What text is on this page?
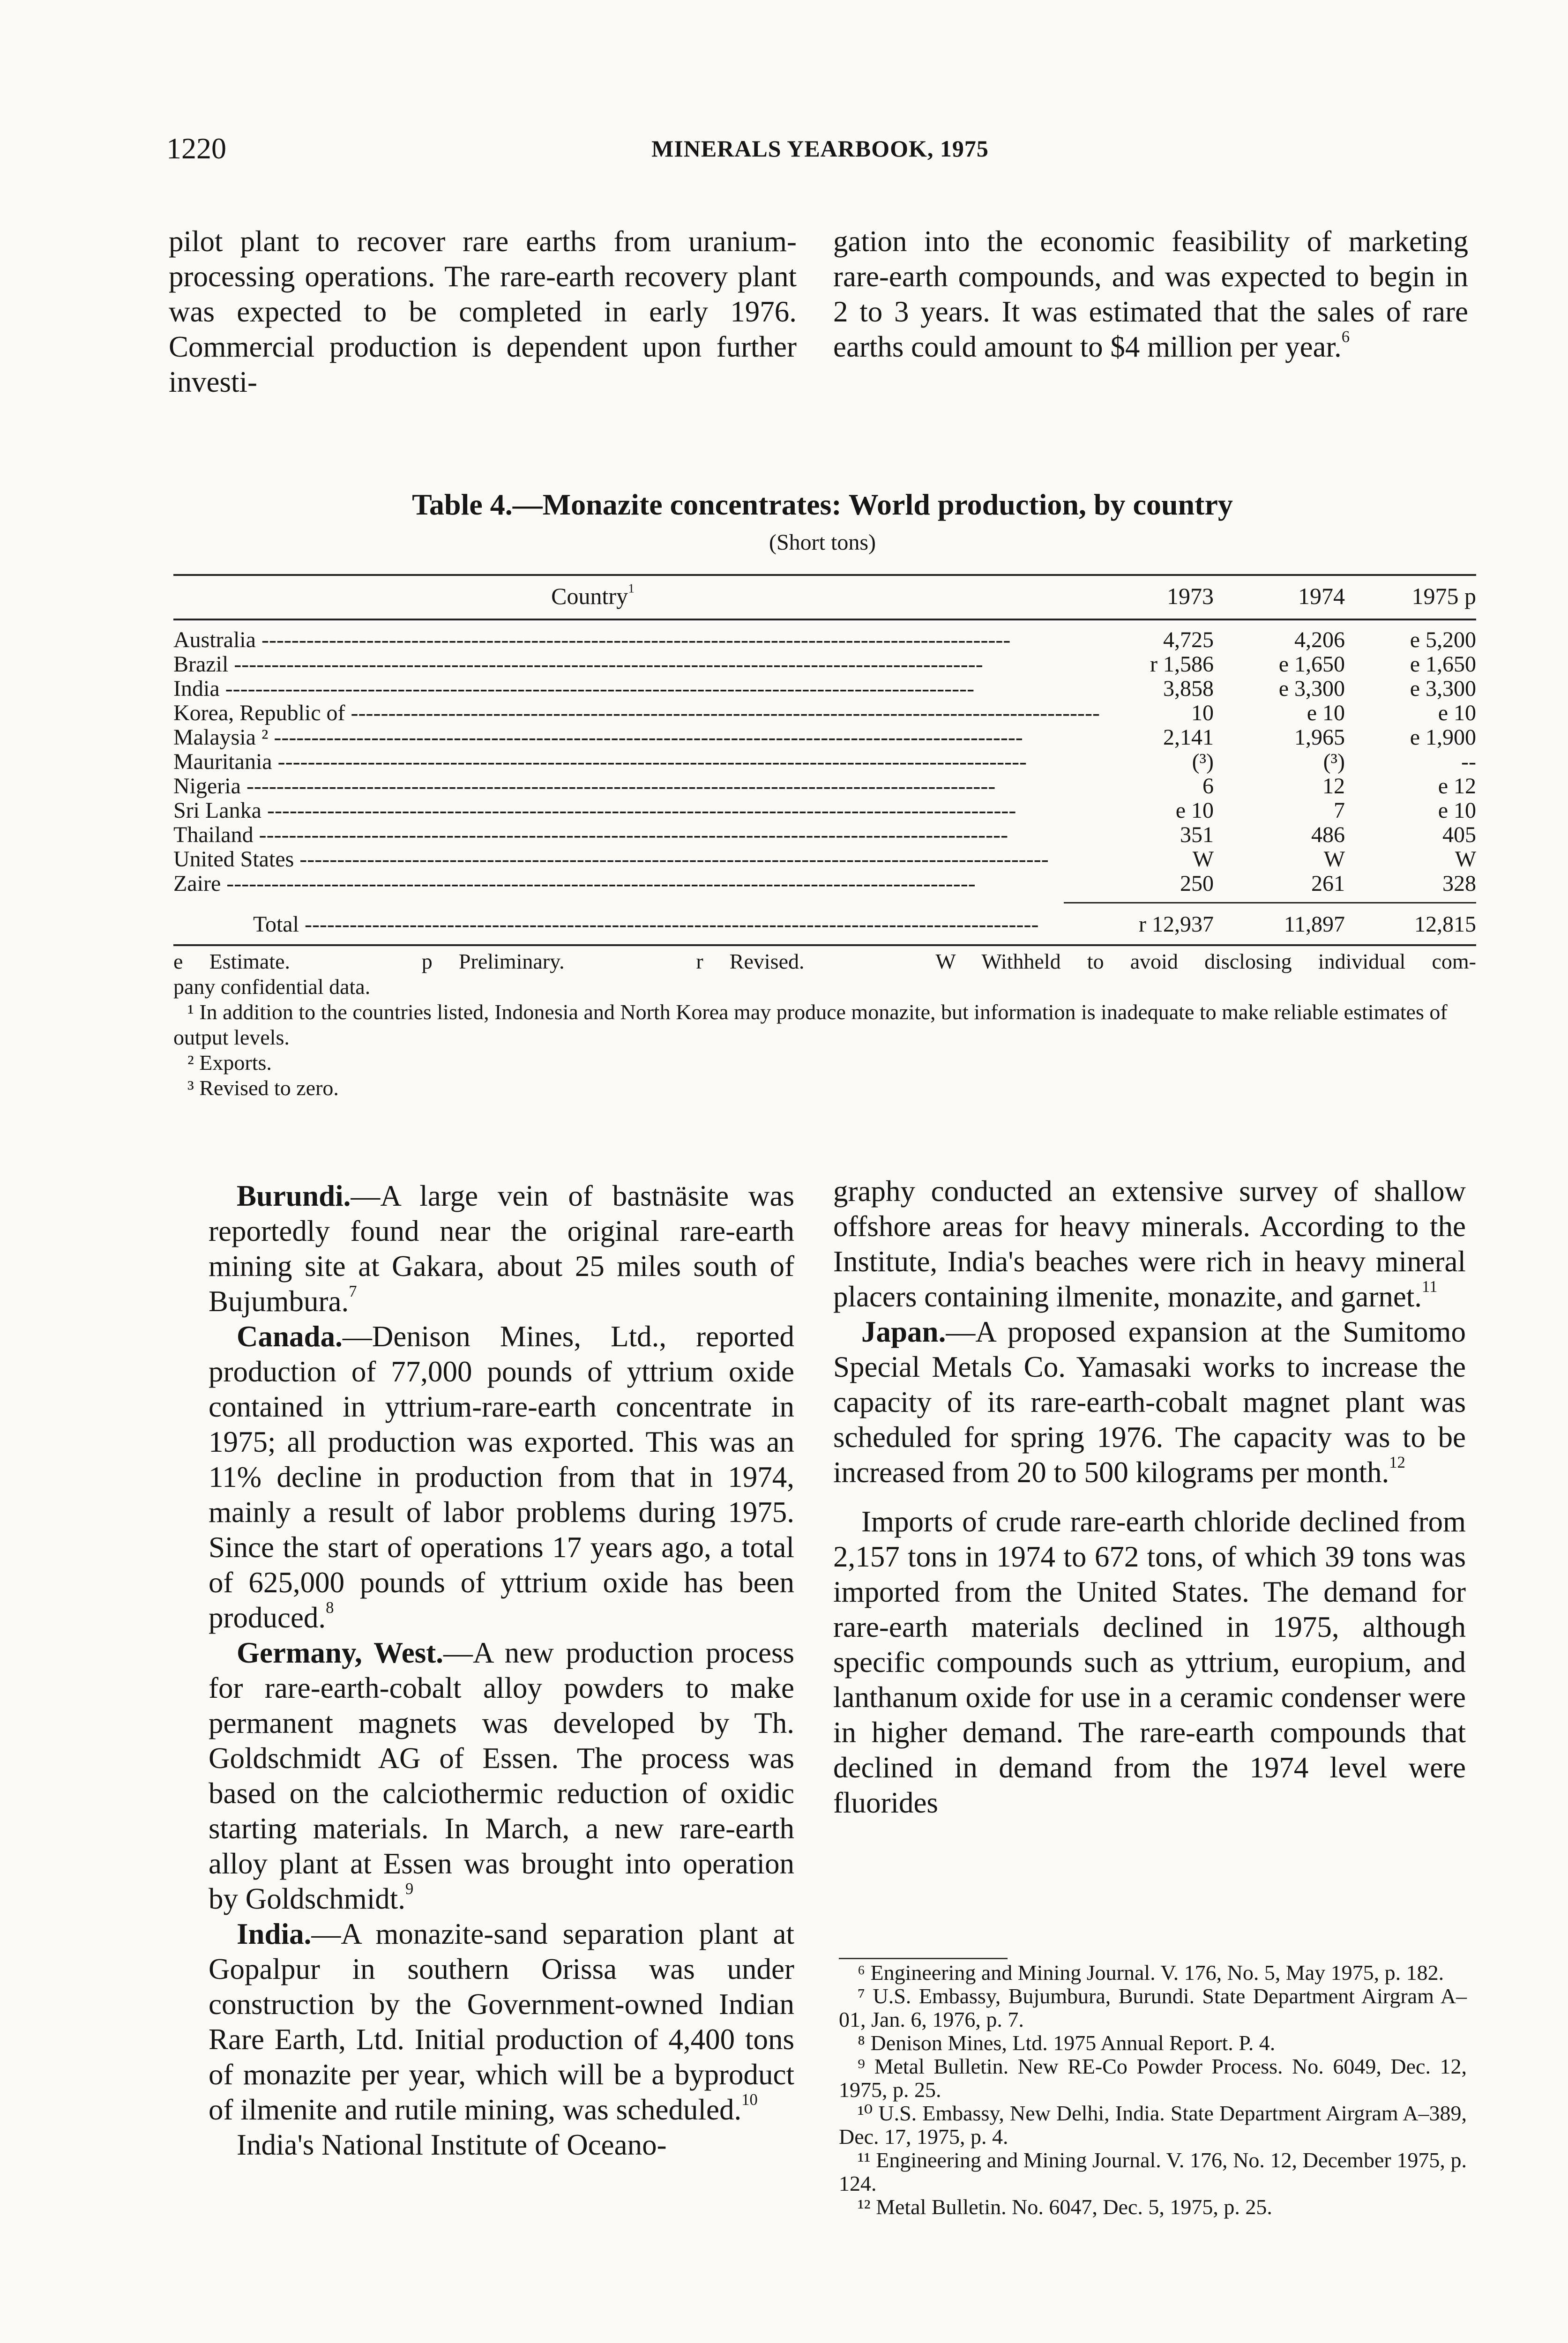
1220	MINERALS YEARBOOK, 1975

pilot plant to recover rare earths from uranium-processing operations. The rare-earth recovery plant was expected to be completed in early 1976. Commercial production is dependent upon further investi-

gation into the economic feasibility of marketing rare-earth compounds, and was expected to begin in 2 to 3 years. It was estimated that the sales of rare earths could amount to $4 million per year.$^6$

Table 4.—Monazite concentrates: World production, by country
(Short tons)
Country$^1$	1973	1974	1975 p
Australia ----------------------------------------------------------------------------------------------------	4,725	4,206	e 5,200
Brazil ----------------------------------------------------------------------------------------------------	r 1,586	e 1,650	e 1,650
India ----------------------------------------------------------------------------------------------------	3,858	e 3,300	e 3,300
Korea, Republic of ----------------------------------------------------------------------------------------------------	10	e 10	e 10
Malaysia ² ----------------------------------------------------------------------------------------------------	2,141	1,965	e 1,900
Mauritania ----------------------------------------------------------------------------------------------------	(³)	(³)	--
Nigeria ----------------------------------------------------------------------------------------------------	6	12	e 12
Sri Lanka ----------------------------------------------------------------------------------------------------	e 10	7	e 10
Thailand ----------------------------------------------------------------------------------------------------	351	486	405
United States ----------------------------------------------------------------------------------------------------	W	W	W
Zaire ----------------------------------------------------------------------------------------------------	250	261	328
Total --------------------------------------------------------------------------------------------------	r 12,937	11,897	12,815

e Estimate.     p Preliminary.     r Revised.     W Withheld to avoid disclosing individual com-

pany confidential data.

¹ In addition to the countries listed, Indonesia and North Korea may produce monazite, but information is inadequate to make reliable estimates of output levels.

² Exports.

³ Revised to zero.

Burundi.—A large vein of bastnäsite was reportedly found near the original rare-earth mining site at Gakara, about 25 miles south of Bujumbura.$^7$

Canada.—Denison Mines, Ltd., reported production of 77,000 pounds of yttrium oxide contained in yttrium-rare-earth concentrate in 1975; all production was exported. This was an 11% decline in production from that in 1974, mainly a result of labor problems during 1975. Since the start of operations 17 years ago, a total of 625,000 pounds of yttrium oxide has been produced.$^8$

Germany, West.—A new production process for rare-earth-cobalt alloy powders to make permanent magnets was developed by Th. Goldschmidt AG of Essen. The process was based on the calciothermic reduction of oxidic starting materials. In March, a new rare-earth alloy plant at Essen was brought into operation by Goldschmidt.$^9$

India.—A monazite-sand separation plant at Gopalpur in southern Orissa was under construction by the Government-owned Indian Rare Earth, Ltd. Initial production of 4,400 tons of monazite per year, which will be a byproduct of ilmenite and rutile mining, was scheduled.$^{10}$

India's National Institute of Oceano-

graphy conducted an extensive survey of shallow offshore areas for heavy minerals. According to the Institute, India's beaches were rich in heavy mineral placers containing ilmenite, monazite, and garnet.$^{11}$

Japan.—A proposed expansion at the Sumitomo Special Metals Co. Yamasaki works to increase the capacity of its rare-earth-cobalt magnet plant was scheduled for spring 1976. The capacity was to be increased from 20 to 500 kilograms per month.$^{12}$

Imports of crude rare-earth chloride declined from 2,157 tons in 1974 to 672 tons, of which 39 tons was imported from the United States. The demand for rare-earth materials declined in 1975, although specific compounds such as yttrium, europium, and lanthanum oxide for use in a ceramic condenser were in higher demand. The rare-earth compounds that declined in demand from the 1974 level were fluorides

⁶ Engineering and Mining Journal. V. 176, No. 5, May 1975, p. 182.

⁷ U.S. Embassy, Bujumbura, Burundi. State Department Airgram A–01, Jan. 6, 1976, p. 7.

⁸ Denison Mines, Ltd. 1975 Annual Report. P. 4.

⁹ Metal Bulletin. New RE-Co Powder Process. No. 6049, Dec. 12, 1975, p. 25.

¹⁰ U.S. Embassy, New Delhi, India. State Department Airgram A–389, Dec. 17, 1975, p. 4.

¹¹ Engineering and Mining Journal. V. 176, No. 12, December 1975, p. 124.

¹² Metal Bulletin. No. 6047, Dec. 5, 1975, p. 25.
